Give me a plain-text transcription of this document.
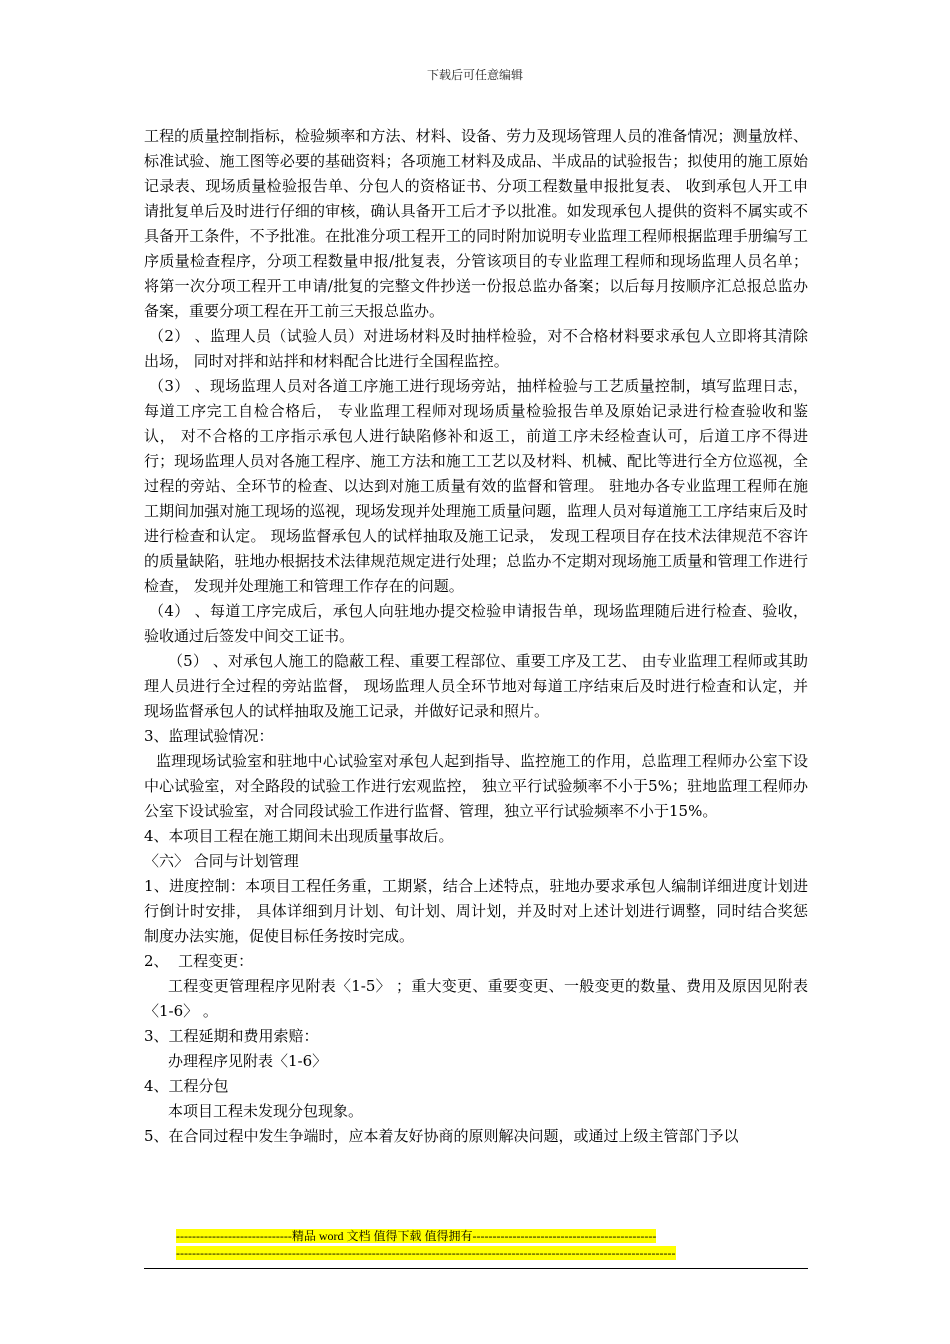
下载后可任意编辑

工程的质量控制指标，检验频率和方法、材料、设备、劳力及现场管理人员的准备情况；测量放样、标准试验、施工图等必要的基础资料；各项施工材料及成品、半成品的试验报告；拟使用的施工原始记录表、现场质量检验报告单、分包人的资格证书、分项工程数量申报批复表、 收到承包人开工申请批复单后及时进行仔细的审核，确认具备开工后才予以批准。如发现承包人提供的资料不属实或不具备开工条件，不予批准。在批准分项工程开工的同时附加说明专业监理工程师根据监理手册编写工序质量检查程序，分项工程数量申报/批复表，分管该项目的专业监理工程师和现场监理人员名单； 将第一次分项工程开工申请/批复的完整文件抄送一份报总监办备案；以后每月按顺序汇总报总监办备案，重要分项工程在开工前三天报总监办。

（2） 、监理人员（试验人员）对进场材料及时抽样检验，对不合格材料要求承包人立即将其清除出场， 同时对拌和站拌和材料配合比进行全国程监控。

（3） 、现场监理人员对各道工序施工进行现场旁站，抽样检验与工艺质量控制，填写监理日志，每道工序完工自检合格后， 专业监理工程师对现场质量检验报告单及原始记录进行检查验收和鉴认， 对不合格的工序指示承包人进行缺陷修补和返工，前道工序未经检查认可，后道工序不得进行；现场监理人员对各施工程序、施工方法和施工工艺以及材料、机械、配比等进行全方位巡视，全过程的旁站、全环节的检查、以达到对施工质量有效的监督和管理。 驻地办各专业监理工程师在施工期间加强对施工现场的巡视，现场发现并处理施工质量问题，监理人员对每道施工工序结束后及时进行检查和认定。 现场监督承包人的试样抽取及施工记录， 发现工程项目存在技术法律规范不容许的质量缺陷，驻地办根据技术法律规范规定进行处理；总监办不定期对现场施工质量和管理工作进行检查， 发现并处理施工和管理工作存在的问题。

（4） 、每道工序完成后，承包人向驻地办提交检验申请报告单，现场监理随后进行检查、验收，验收通过后签发中间交工证书。

（5） 、对承包人施工的隐蔽工程、重要工程部位、重要工序及工艺、 由专业监理工程师或其助理人员进行全过程的旁站监督， 现场监理人员全环节地对每道工序结束后及时进行检查和认定，并现场监督承包人的试样抽取及施工记录，并做好记录和照片。

3、监理试验情况：

监理现场试验室和驻地中心试验室对承包人起到指导、监控施工的作用，总监理工程师办公室下设中心试验室，对全路段的试验工作进行宏观监控， 独立平行试验频率不小于5%；驻地监理工程师办公室下设试验室，对合同段试验工作进行监督、管理，独立平行试验频率不小于15%。

4、本项目工程在施工期间未出现质量事故后。

〈六〉 合同与计划管理

1、进度控制：本项目工程任务重，工期紧，结合上述特点，驻地办要求承包人编制详细进度计划进行倒计时安排， 具体详细到月计划、旬计划、周计划，并及时对上述计划进行调整，同时结合奖惩制度办法实施，促使目标任务按时完成。

2、  工程变更：

工程变更管理程序见附表〈1-5〉 ；重大变更、重要变更、一般变更的数量、费用及原因见附表〈1-6〉 。

3、工程延期和费用索赔：

办理程序见附表〈1-6〉

4、工程分包

本项目工程未发现分包现象。

5、在合同过程中发生争端时，应本着友好协商的原则解决问题，或通过上级主管部门予以

-----------------------------精品 word 文档 值得下载 值得拥有----------------------------------------------
-----------------------------------------------------------------------------------------------------------------------------
